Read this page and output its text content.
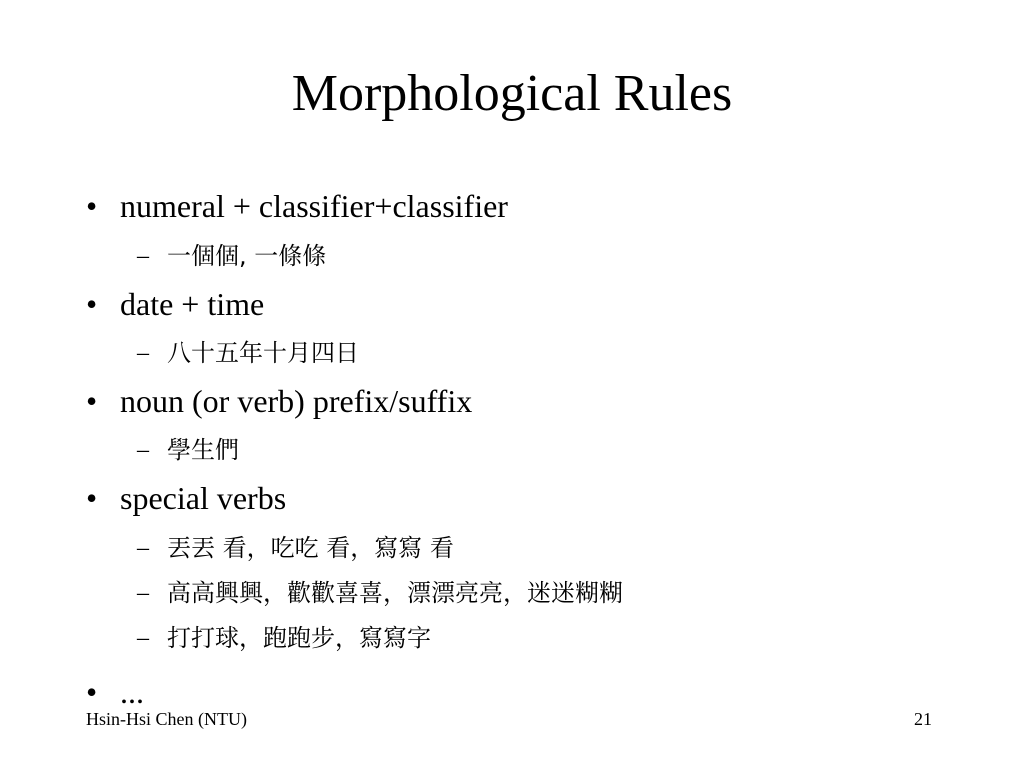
Morphological Rules
• numeral + classifier+classifier
– 一個個, 一條條
• date + time
– 八十五年十月四日
• noun (or verb) prefix/suffix
– 學生們
• special verbs
– 丟丟 看，吃吃 看，寫寫 看
– 高高興興，歡歡喜喜，漂漂亮亮，迷迷糊糊
– 打打球，跑跑步，寫寫字
• ...
Hsin-Hsi Chen (NTU)	21
